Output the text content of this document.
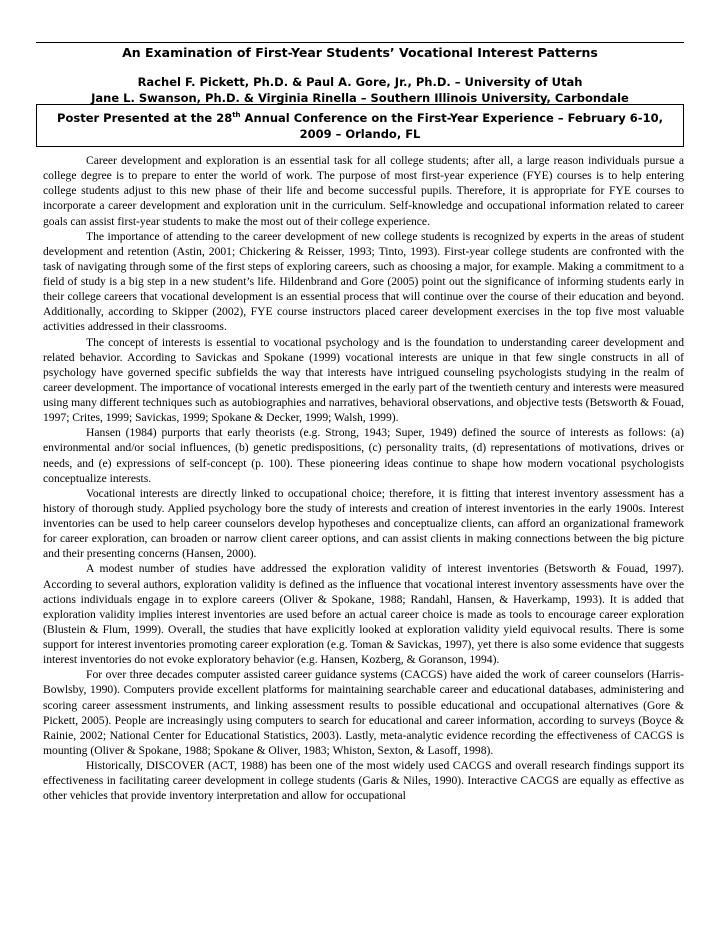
An Examination of First-Year Students’ Vocational Interest Patterns
Rachel F. Pickett, Ph.D. & Paul A. Gore, Jr., Ph.D. – University of Utah
Jane L. Swanson, Ph.D. & Virginia Rinella – Southern Illinois University, Carbondale
Poster Presented at the 28th Annual Conference on the First-Year Experience – February 6-10, 2009 – Orlando, FL

Career development and exploration is an essential task for all college students; after all, a large reason individuals pursue a college degree is to prepare to enter the world of work. The purpose of most first-year experience (FYE) courses is to help entering college students adjust to this new phase of their life and become successful pupils. Therefore, it is appropriate for FYE courses to incorporate a career development and exploration unit in the curriculum. Self-knowledge and occupational information related to career goals can assist first-year students to make the most out of their college experience.

The importance of attending to the career development of new college students is recognized by experts in the areas of student development and retention (Astin, 2001; Chickering & Reisser, 1993; Tinto, 1993). First-year college students are confronted with the task of navigating through some of the first steps of exploring careers, such as choosing a major, for example. Making a commitment to a field of study is a big step in a new student’s life. Hildenbrand and Gore (2005) point out the significance of informing students early in their college careers that vocational development is an essential process that will continue over the course of their education and beyond. Additionally, according to Skipper (2002), FYE course instructors placed career development exercises in the top five most valuable activities addressed in their classrooms.

The concept of interests is essential to vocational psychology and is the foundation to understanding career development and related behavior. According to Savickas and Spokane (1999) vocational interests are unique in that few single constructs in all of psychology have governed specific subfields the way that interests have intrigued counseling psychologists studying in the realm of career development. The importance of vocational interests emerged in the early part of the twentieth century and interests were measured using many different techniques such as autobiographies and narratives, behavioral observations, and objective tests (Betsworth & Fouad, 1997; Crites, 1999; Savickas, 1999; Spokane & Decker, 1999; Walsh, 1999).

Hansen (1984) purports that early theorists (e.g. Strong, 1943; Super, 1949) defined the source of interests as follows: (a) environmental and/or social influences, (b) genetic predispositions, (c) personality traits, (d) representations of motivations, drives or needs, and (e) expressions of self-concept (p. 100). These pioneering ideas continue to shape how modern vocational psychologists conceptualize interests.

Vocational interests are directly linked to occupational choice; therefore, it is fitting that interest inventory assessment has a history of thorough study. Applied psychology bore the study of interests and creation of interest inventories in the early 1900s. Interest inventories can be used to help career counselors develop hypotheses and conceptualize clients, can afford an organizational framework for career exploration, can broaden or narrow client career options, and can assist clients in making connections between the big picture and their presenting concerns (Hansen, 2000).

A modest number of studies have addressed the exploration validity of interest inventories (Betsworth & Fouad, 1997). According to several authors, exploration validity is defined as the influence that vocational interest inventory assessments have over the actions individuals engage in to explore careers (Oliver & Spokane, 1988; Randahl, Hansen, & Haverkamp, 1993). It is added that exploration validity implies interest inventories are used before an actual career choice is made as tools to encourage career exploration (Blustein & Flum, 1999). Overall, the studies that have explicitly looked at exploration validity yield equivocal results. There is some support for interest inventories promoting career exploration (e.g. Toman & Savickas, 1997), yet there is also some evidence that suggests interest inventories do not evoke exploratory behavior (e.g. Hansen, Kozberg, & Goranson, 1994).

For over three decades computer assisted career guidance systems (CACGS) have aided the work of career counselors (Harris-Bowlsby, 1990). Computers provide excellent platforms for maintaining searchable career and educational databases, administering and scoring career assessment instruments, and linking assessment results to possible educational and occupational alternatives (Gore & Pickett, 2005). People are increasingly using computers to search for educational and career information, according to surveys (Boyce & Rainie, 2002; National Center for Educational Statistics, 2003). Lastly, meta-analytic evidence recording the effectiveness of CACGS is mounting (Oliver & Spokane, 1988; Spokane & Oliver, 1983; Whiston, Sexton, & Lasoff, 1998).

Historically, DISCOVER (ACT, 1988) has been one of the most widely used CACGS and overall research findings support its effectiveness in facilitating career development in college students (Garis & Niles, 1990). Interactive CACGS are equally as effective as other vehicles that provide inventory interpretation and allow for occupational
